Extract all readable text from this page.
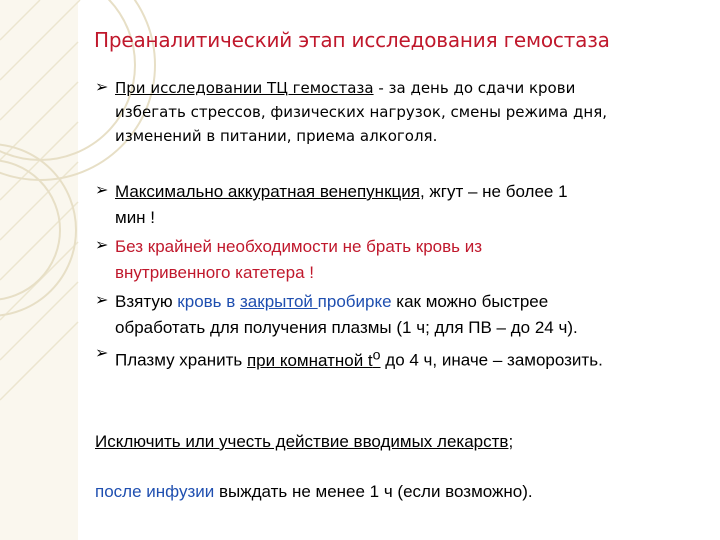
Преаналитический этап исследования гемостаза
➢ При исследовании ТЦ гемостаза - за день до сдачи крови
избегать стрессов, физических нагрузок, смены режима дня,
изменений в питании, приема алкоголя.
➢ Максимально аккуратная венепункция, жгут – не более 1
мин !
➢ Без крайней необходимости не брать кровь из
внутривенного катетера !
➢ Взятую кровь в закрытой пробирке как можно быстрее
обработать для получения плазмы (1 ч; для ПВ – до 24 ч).
➢ Плазму хранить при комнатной $t^o$ до 4 ч, иначе – заморозить.
Исключить или учесть действие вводимых лекарств;
после инфузии выждать не менее 1 ч (если возможно).
